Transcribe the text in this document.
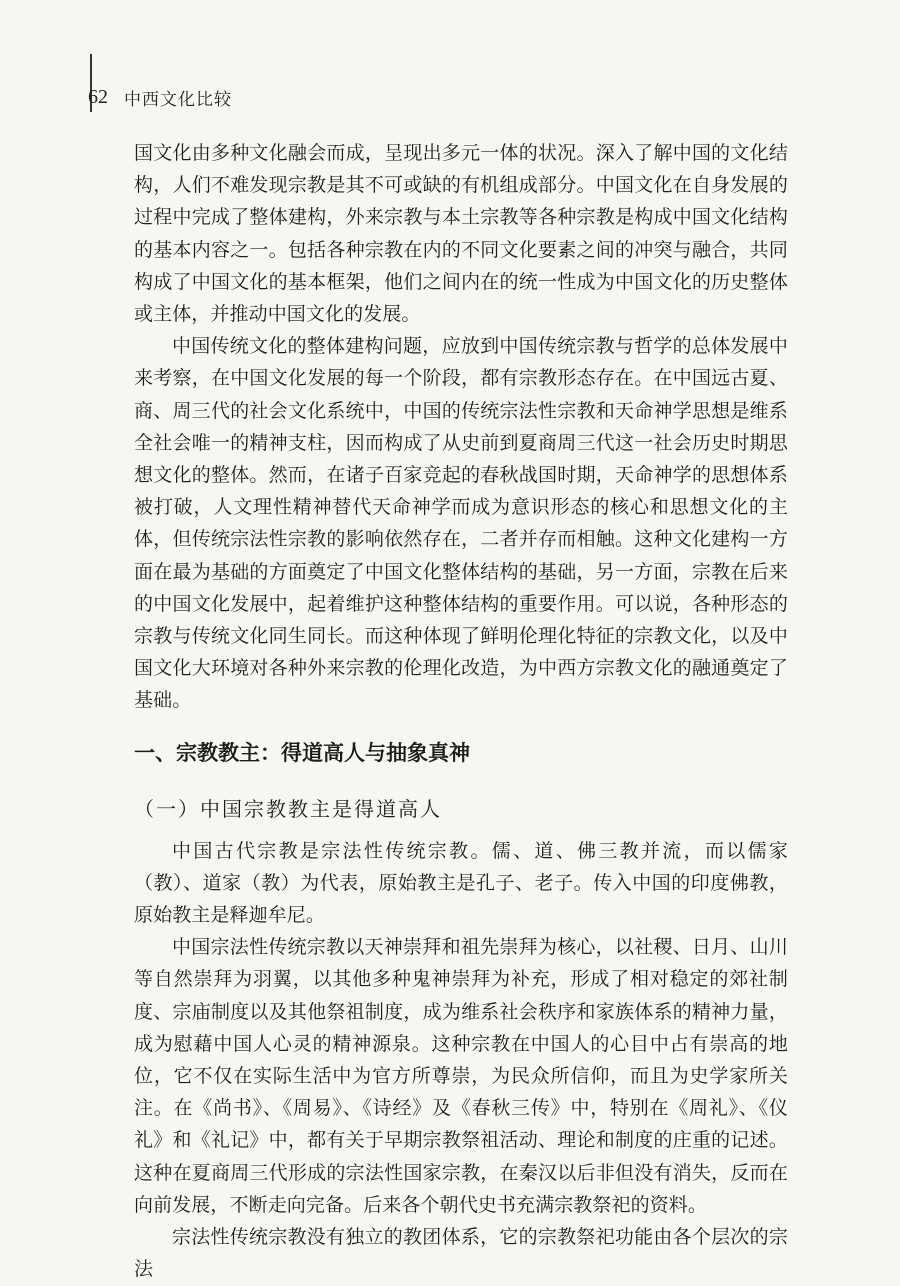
62 中西文化比较

国文化由多种文化融会而成，呈现出多元一体的状况。深入了解中国的文化结构，人们不难发现宗教是其不可或缺的有机组成部分。中国文化在自身发展的过程中完成了整体建构，外来宗教与本土宗教等各种宗教是构成中国文化结构的基本内容之一。包括各种宗教在内的不同文化要素之间的冲突与融合，共同构成了中国文化的基本框架，他们之间内在的统一性成为中国文化的历史整体或主体，并推动中国文化的发展。

中国传统文化的整体建构问题，应放到中国传统宗教与哲学的总体发展中来考察，在中国文化发展的每一个阶段，都有宗教形态存在。在中国远古夏、商、周三代的社会文化系统中，中国的传统宗法性宗教和天命神学思想是维系全社会唯一的精神支柱，因而构成了从史前到夏商周三代这一社会历史时期思想文化的整体。然而，在诸子百家竞起的春秋战国时期，天命神学的思想体系被打破，人文理性精神替代天命神学而成为意识形态的核心和思想文化的主体，但传统宗法性宗教的影响依然存在，二者并存而相触。这种文化建构一方面在最为基础的方面奠定了中国文化整体结构的基础，另一方面，宗教在后来的中国文化发展中，起着维护这种整体结构的重要作用。可以说，各种形态的宗教与传统文化同生同长。而这种体现了鲜明伦理化特征的宗教文化，以及中国文化大环境对各种外来宗教的伦理化改造，为中西方宗教文化的融通奠定了基础。

一、宗教教主：得道高人与抽象真神
（一）中国宗教教主是得道高人

中国古代宗教是宗法性传统宗教。儒、道、佛三教并流，而以儒家（教）、道家（教）为代表，原始教主是孔子、老子。传入中国的印度佛教，原始教主是释迦牟尼。

中国宗法性传统宗教以天神崇拜和祖先崇拜为核心，以社稷、日月、山川等自然崇拜为羽翼，以其他多种鬼神崇拜为补充，形成了相对稳定的郊社制度、宗庙制度以及其他祭祖制度，成为维系社会秩序和家族体系的精神力量，成为慰藉中国人心灵的精神源泉。这种宗教在中国人的心目中占有崇高的地位，它不仅在实际生活中为官方所尊崇，为民众所信仰，而且为史学家所关注。在《尚书》、《周易》、《诗经》及《春秋三传》中，特别在《周礼》、《仪礼》和《礼记》中，都有关于早期宗教祭祖活动、理论和制度的庄重的记述。这种在夏商周三代形成的宗法性国家宗教，在秦汉以后非但没有消失，反而在向前发展，不断走向完备。后来各个朝代史书充满宗教祭祀的资料。

宗法性传统宗教没有独立的教团体系，它的宗教祭祀功能由各个层次的宗法
